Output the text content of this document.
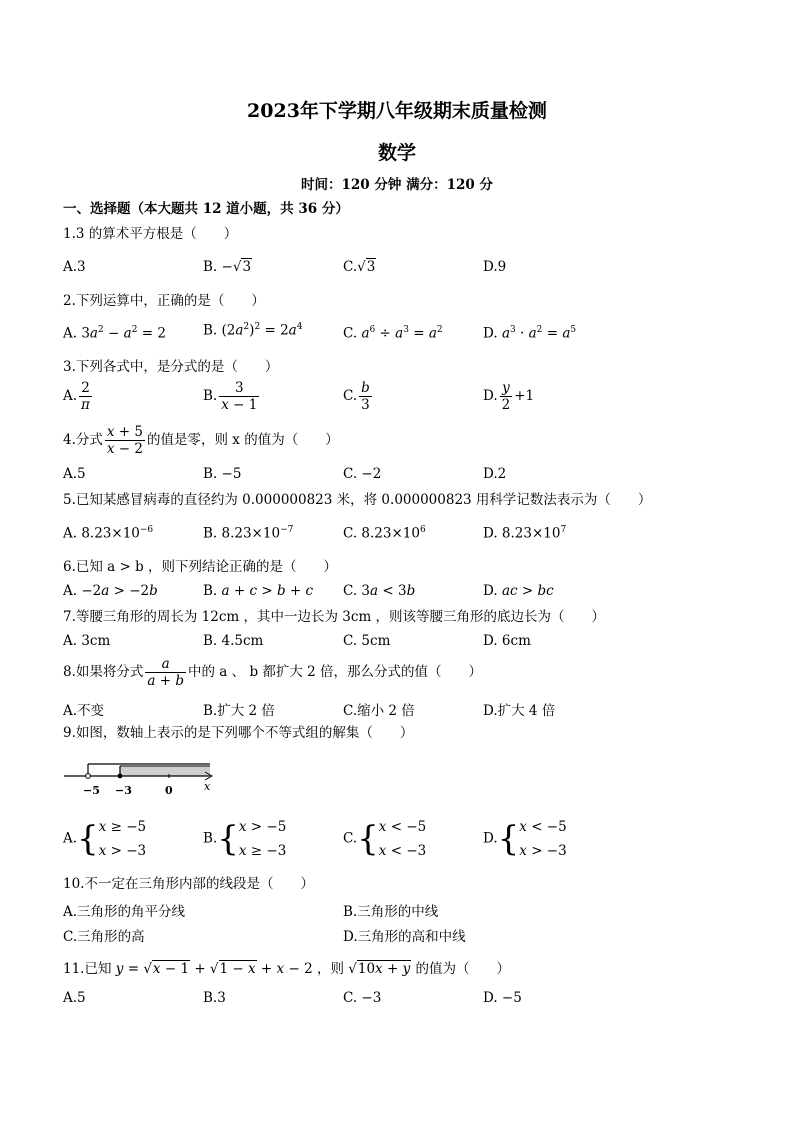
2023年下学期八年级期末质量检测
数学
时间：120 分钟 满分：120 分
一、选择题（本大题共 12 道小题，共 36 分）
1.3 的算术平方根是（　　）
A.3	B. −√3	C.√3	D.9
2.下列运算中，正确的是（　　）
A. $3a^2 - a^2 = 2$	B. $(2a^2)^2 = 2a^4$	C. $a^6 \div a^3 = a^2$	D. $a^3 \cdot a^2 = a^5$
3.下列各式中，是分式的是（　　）
A. $\frac{2}{\pi}$	B. $\frac{3}{x - 1}$	C. $\frac{b}{3}$	D. $\frac{y}{2} +1$
4.分式 $\frac{x + 5}{x - 2}$ 的值是零，则 x 的值为（　　）
A.5	B. −5	C. −2	D.2
5.已知某感冒病毒的直径约为 0.000000823 米，将 0.000000823 用科学记数法表示为（　　）
A. $8.23\times 10^{-6}$	B. $8.23\times 10^{-7}$	C. $8.23\times 10^6$	D. $8.23\times 10^7$
6.已知 a > b ，则下列结论正确的是（　　）
A. −2a > −2b	B. a + c > b + c C. 3a < 3b	D. ac > bc
7.等腰三角形的周长为 12cm ，其中一边长为 3cm ，则该等腰三角形的底边长为（　　）
A. 3cm	B. 4.5cm	C. 5cm	D. 6cm
8.如果将分式 $\frac{a}{a + b}$ 中的 a 、 b 都扩大 2 倍，那么分式的值（　　）
A.不变	B.扩大 2 倍	C.缩小 2 倍	D.扩大 4 倍
9.如图，数轴上表示的是下列哪个不等式组的解集（　　）
−5 −3	0	x
A.{x ≥ −5
x > −3
B.{x > −5
x ≥ −3
C.{x < −5
x < −3
D.{x < −5
x > −3
10.不一定在三角形内部的线段是（　　）
A.三角形的角平分线	B.三角形的中线
C.三角形的高	D.三角形的高和中线
11.已知 y = √x − 1 + √1 − x + x − 2 ，则 √10x + y 的值为（　　）
A.5	B.3	C. −3	D. −5
